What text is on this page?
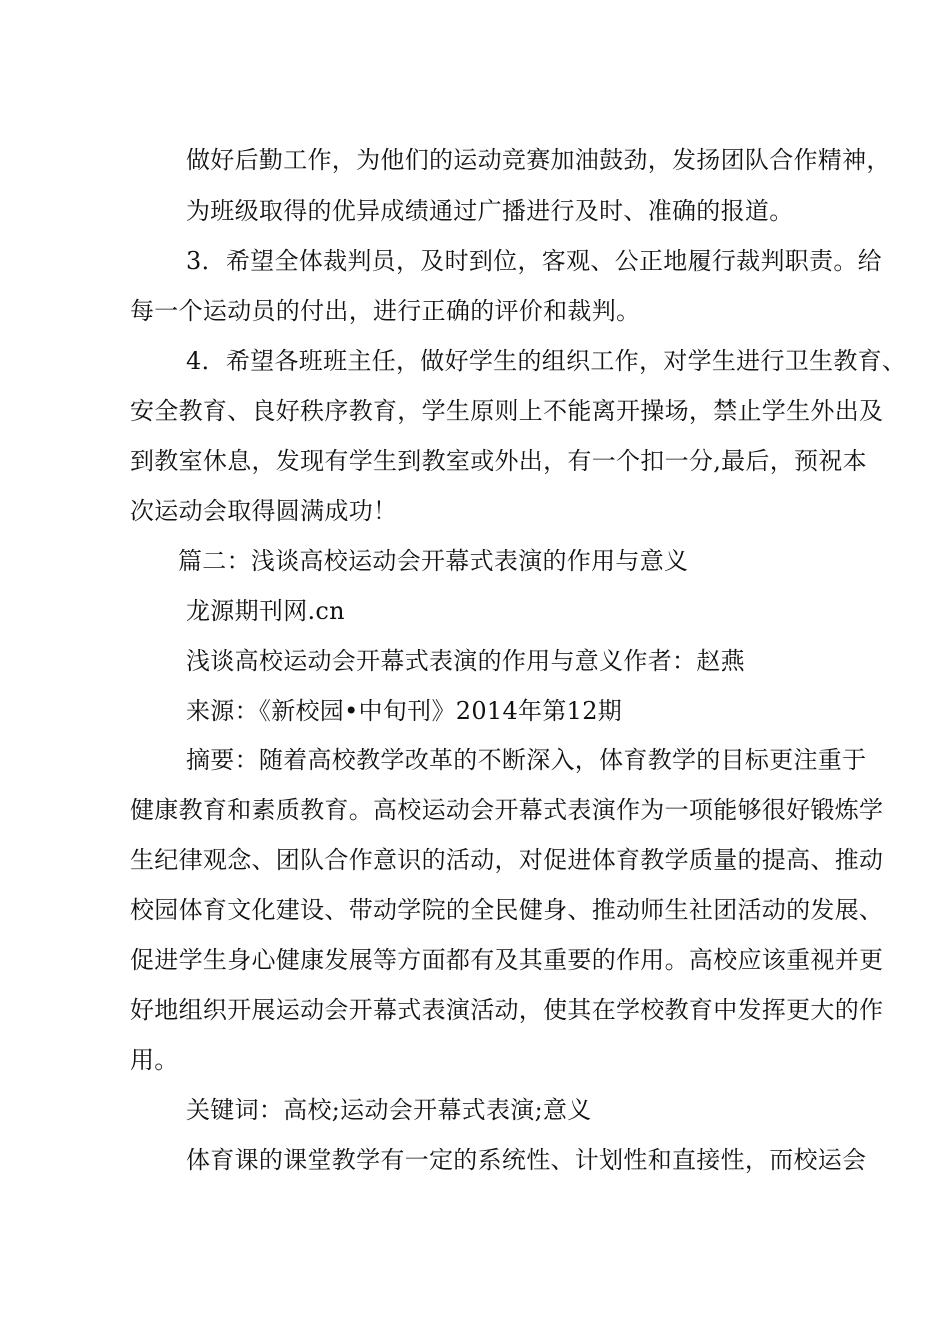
做好后勤工作，为他们的运动竞赛加油鼓劲，发扬团队合作精神，
为班级取得的优异成绩通过广播进行及时、准确的报道。
3．希望全体裁判员，及时到位，客观、公正地履行裁判职责。给
每一个运动员的付出，进行正确的评价和裁判。
4．希望各班班主任，做好学生的组织工作，对学生进行卫生教育、
安全教育、良好秩序教育，学生原则上不能离开操场，禁止学生外出及
到教室休息，发现有学生到教室或外出，有一个扣一分,最后，预祝本
次运动会取得圆满成功！
篇二：浅谈高校运动会开幕式表演的作用与意义
龙源期刊网.cn
浅谈高校运动会开幕式表演的作用与意义作者：赵燕
来源：《新校园•中旬刊》2014年第12期
摘要：随着高校教学改革的不断深入，体育教学的目标更注重于
健康教育和素质教育。高校运动会开幕式表演作为一项能够很好锻炼学
生纪律观念、团队合作意识的活动，对促进体育教学质量的提高、推动
校园体育文化建设、带动学院的全民健身、推动师生社团活动的发展、
促进学生身心健康发展等方面都有及其重要的作用。高校应该重视并更
好地组织开展运动会开幕式表演活动，使其在学校教育中发挥更大的作
用。
关键词：高校;运动会开幕式表演;意义
体育课的课堂教学有一定的系统性、计划性和直接性，而校运会
